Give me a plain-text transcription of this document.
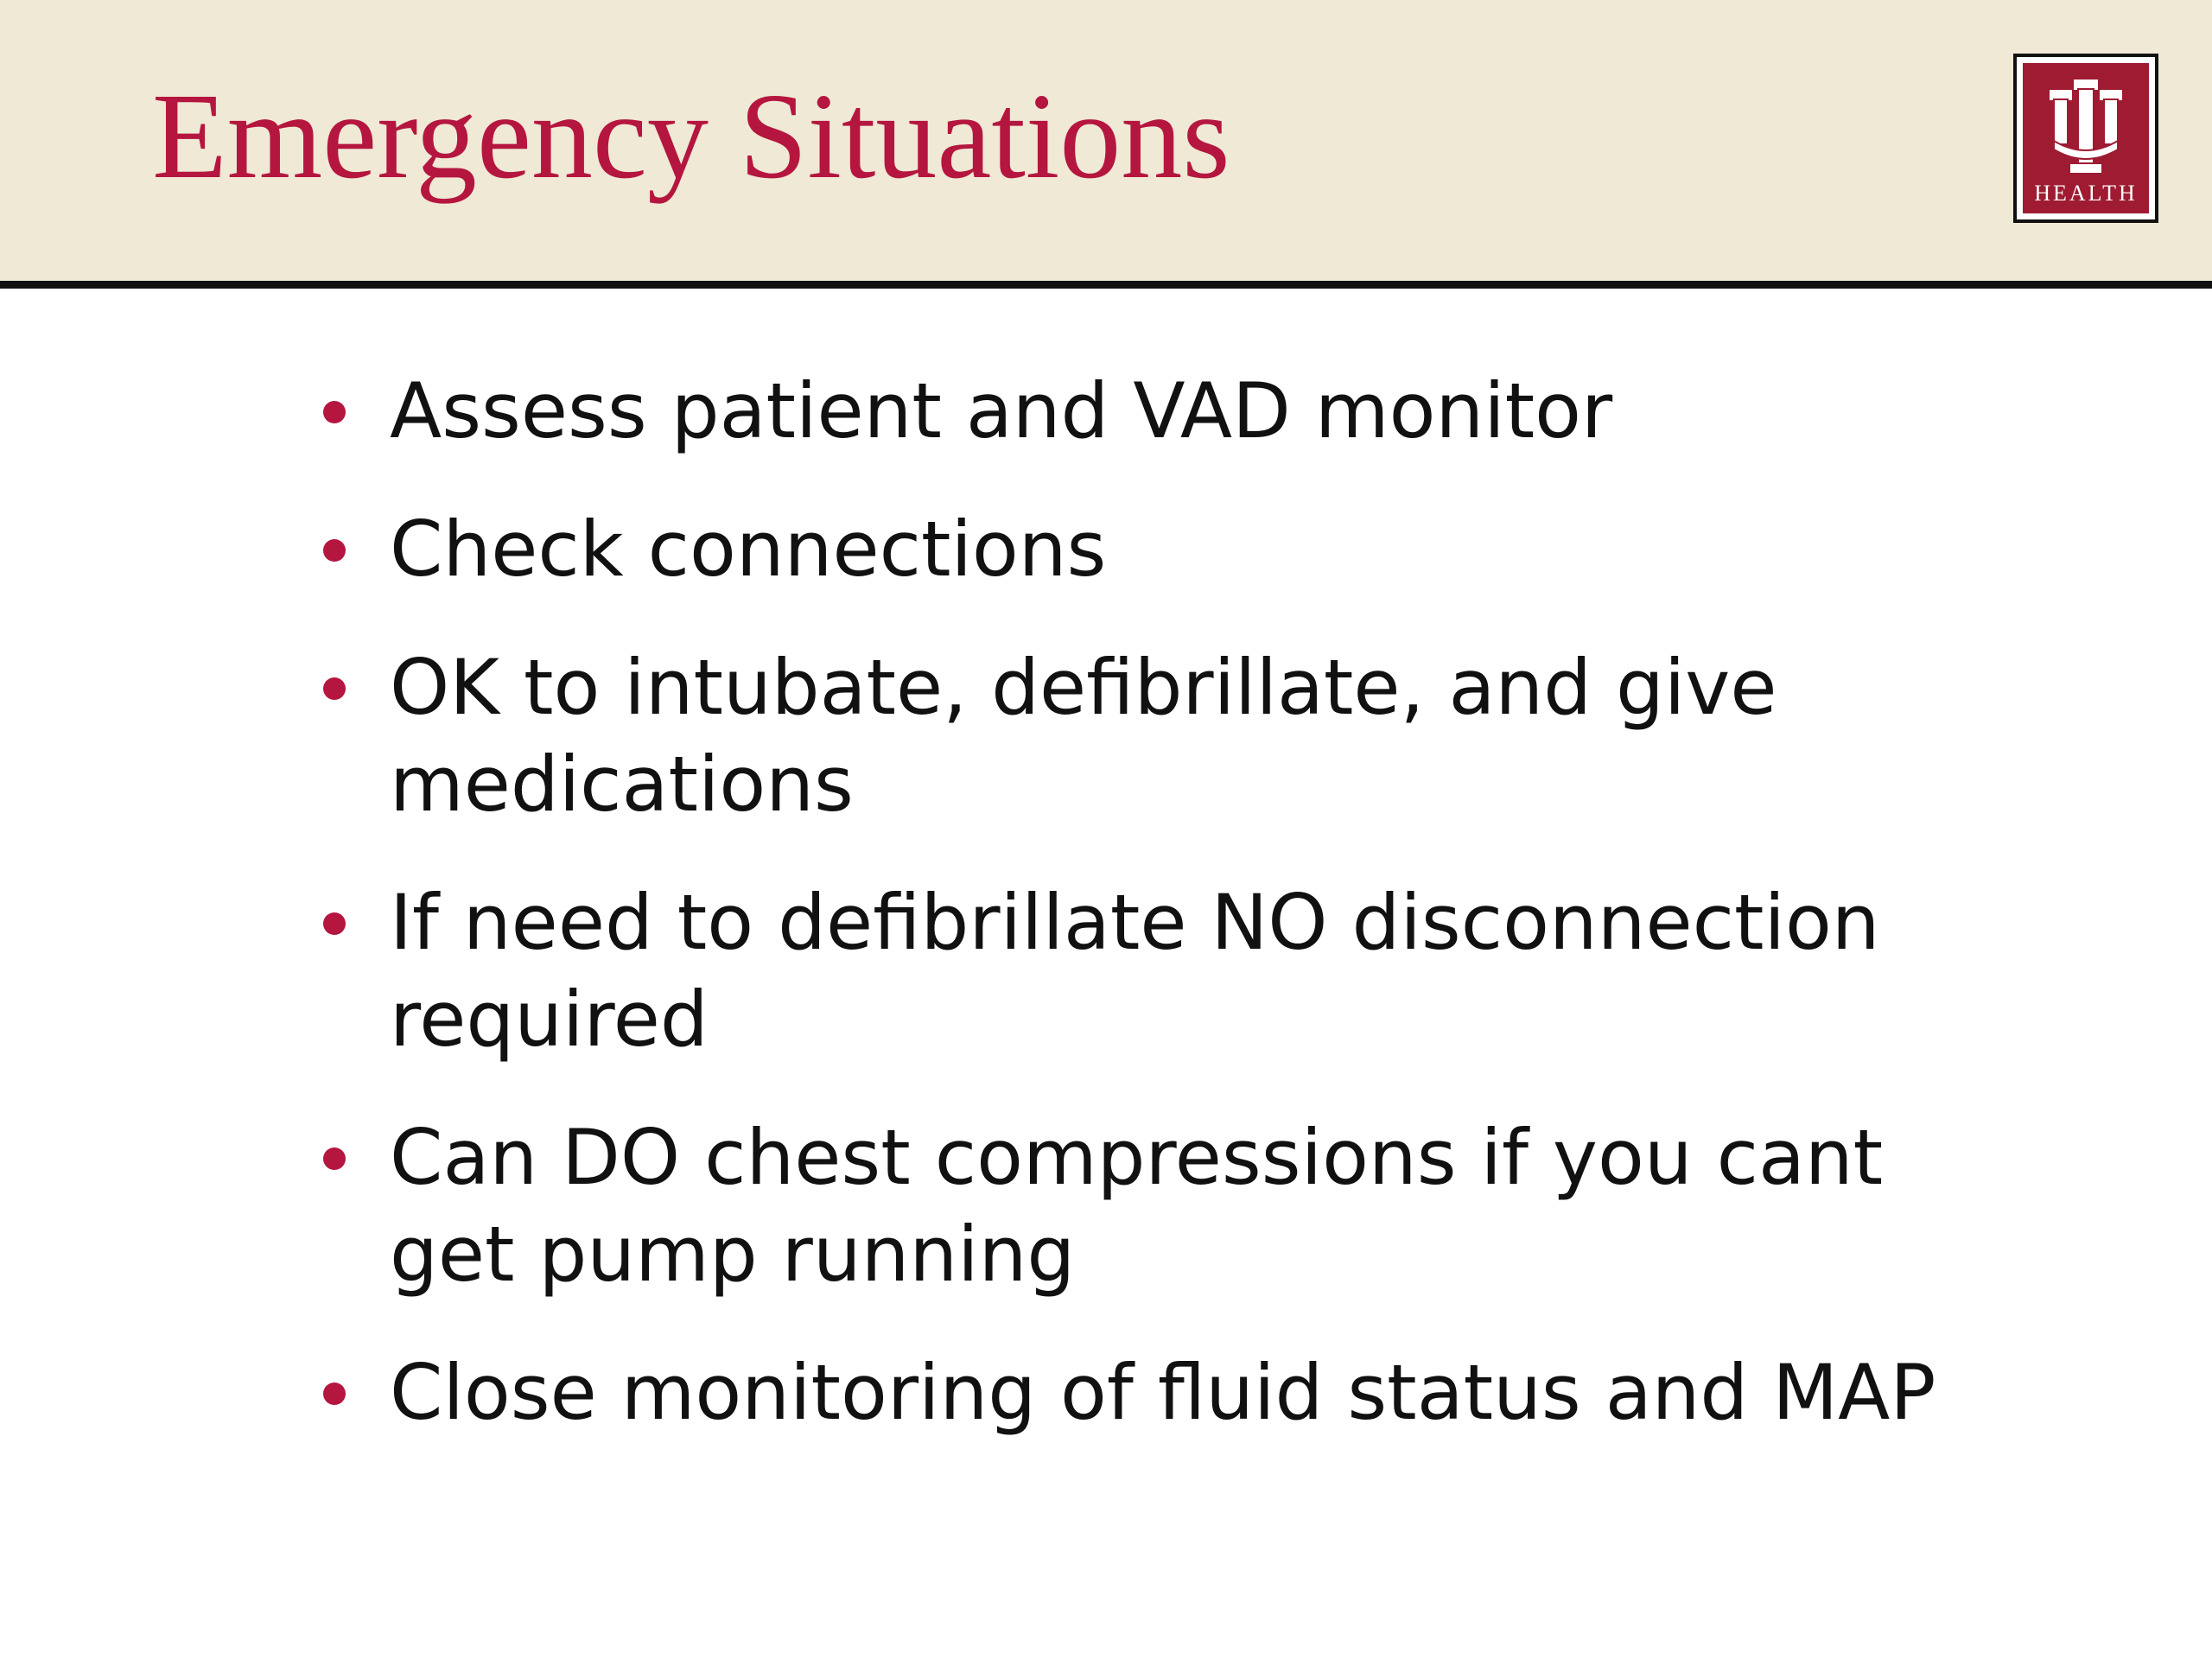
Emergency Situations	HEALTH
Assess patient and VAD monitor
Check connections
OK to intubate, defibrillate, and give medications
If need to defibrillate NO disconnection required
Can DO chest compressions if you cant get pump running
Close monitoring of fluid status and MAP
